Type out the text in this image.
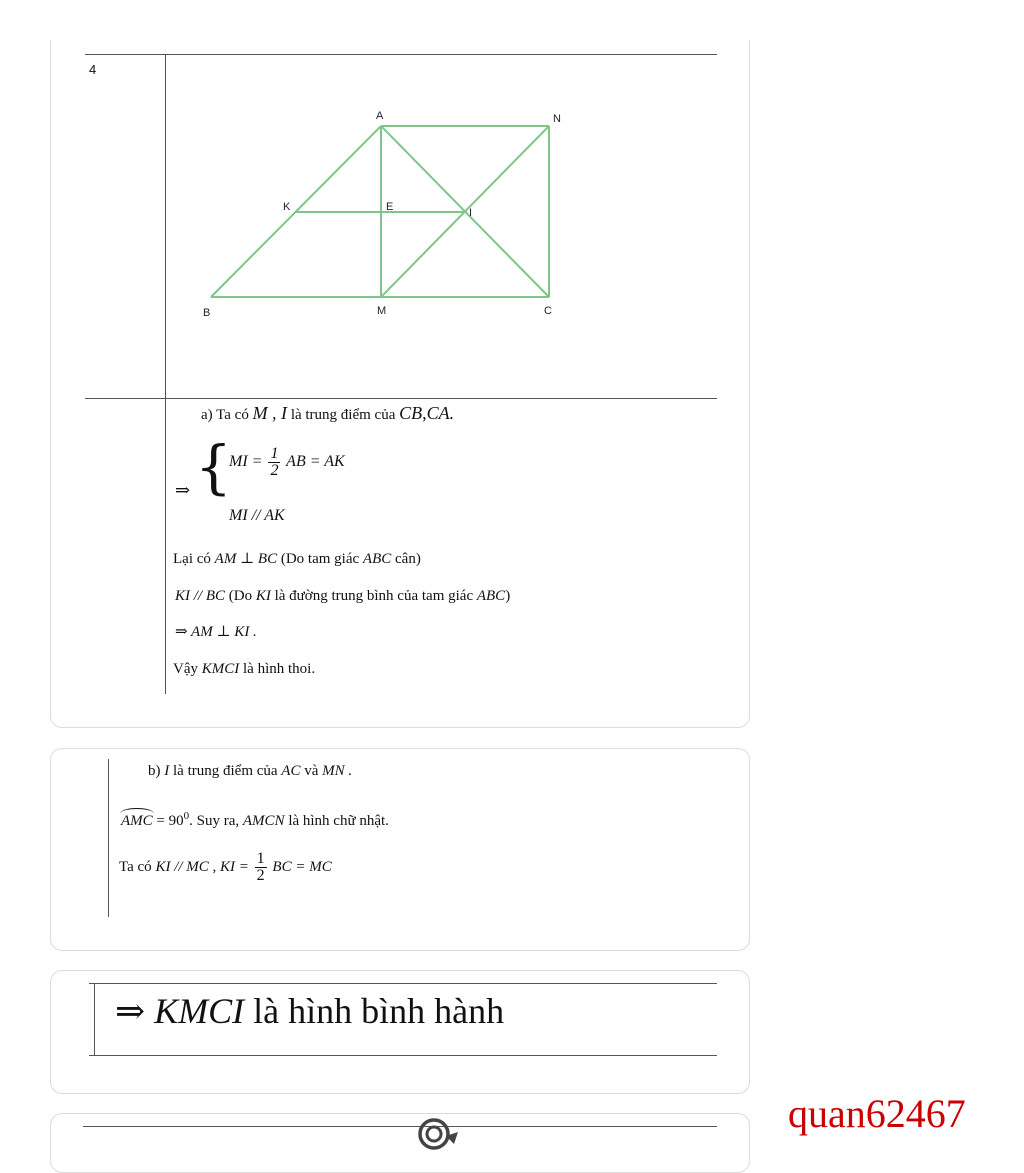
4
A	N
K	E	I
B	M	C
a) Ta có M , I là trung điểm của CB,CA.
⇒ {
MI = $\frac{1}{2}$ AB = AK
MI // AK
Lại có AM ⊥ BC (Do tam giác ABC cân)
KI // BC (Do KI là đường trung bình của tam giác ABC)
⇒ AM ⊥ KI .
Vậy KMCI là hình thoi.
b) I là trung điểm của AC và MN .
AMC = $90^0$. Suy ra, AMCN là hình chữ nhật.
Ta có KI // MC , KI = $\frac{1}{2}$ BC = MC
⇒ KMCI là hình bình hành
quan62467
